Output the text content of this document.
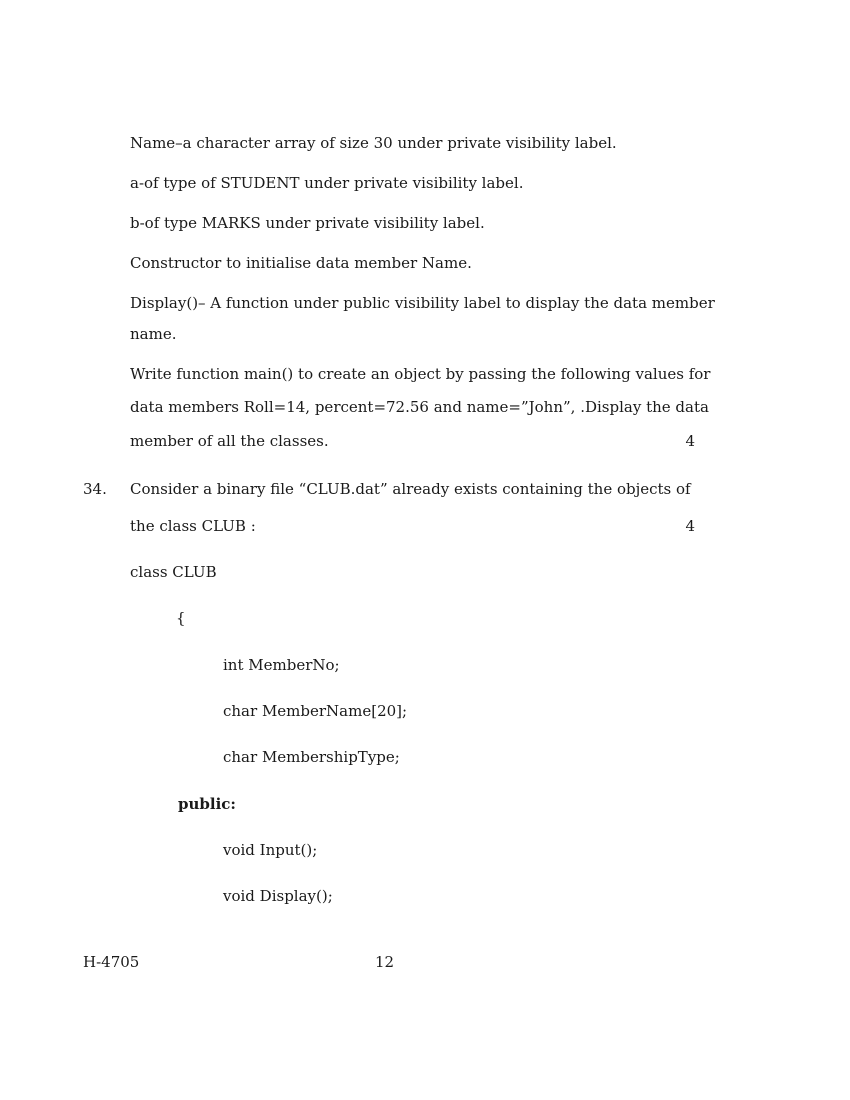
Name–a character array of size 30 under private visibility label.
a-of type of STUDENT under private visibility label.
b-of type MARKS under private visibility label.
Constructor to initialise data member Name.
Display()– A function under public visibility label to display the data member
name.
Write function main() to create an object by passing the following values for
data members Roll=14, percent=72.56 and name=”John”, .Display the data
member of all the classes.	4
34. Consider a binary file “CLUB.dat” already exists containing the objects of
the class CLUB :	4
class CLUB
{
int MemberNo;
char MemberName[20];
char MembershipType;
public:
void Input();
void Display();
H-4705	12
